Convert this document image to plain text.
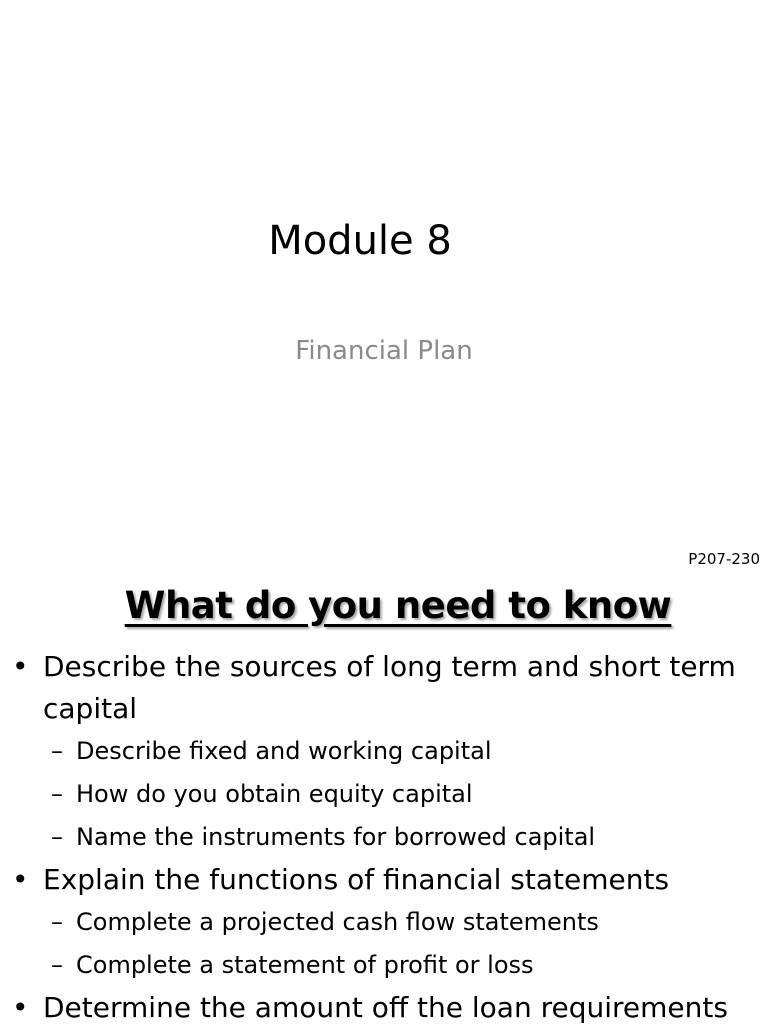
Module 8
Financial Plan
P207-230
What do you need to know
• Describe the sources of long term and short term capital
– Describe fixed and working capital
– How do you obtain equity capital
– Name the instruments for borrowed capital
• Explain the functions of financial statements
– Complete a projected cash flow statements
– Complete a statement of profit or loss
• Determine the amount off the loan requirements
